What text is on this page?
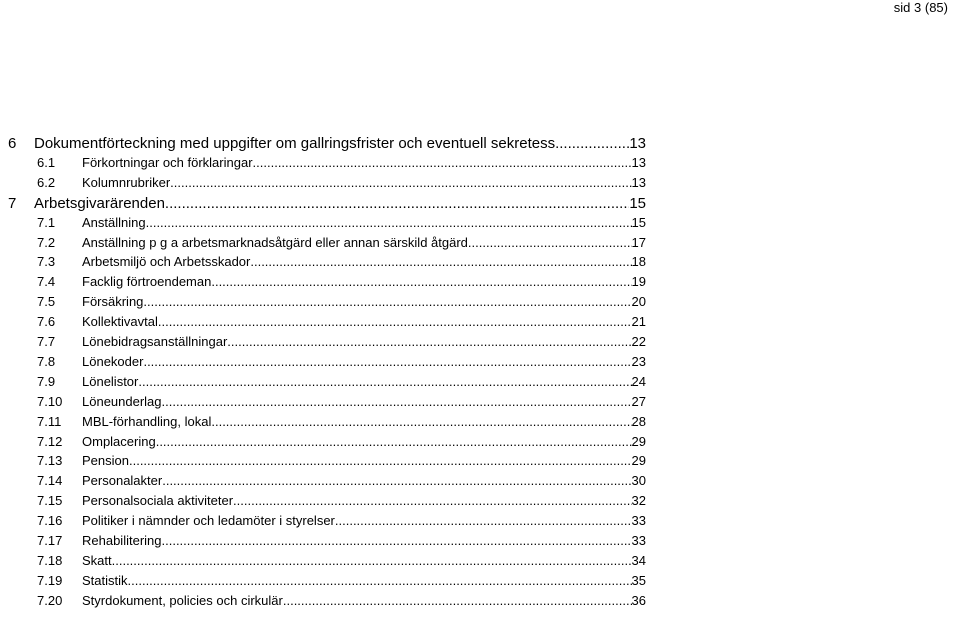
sid 3 (85)
6 Dokumentförteckning med uppgifter om gallringsfrister och eventuell sekretess .....	13
6.1 Förkortningar och förklaringar .....	13
6.2 Kolumnrubriker .....	13
7 Arbetsgivarärenden .....	15
7.1 Anställning .....	15
7.2 Anställning p g a arbetsmarknadsåtgärd eller annan särskild åtgärd .....	17
7.3 Arbetsmiljö och Arbetsskador .....	18
7.4 Facklig förtroendeman .....	19
7.5 Försäkring .....	20
7.6 Kollektivavtal .....	21
7.7 Lönebidragsanställningar .....	22
7.8 Lönekoder .....	23
7.9 Lönelistor .....	24
7.10 Löneunderlag .....	27
7.11 MBL-förhandling, lokal .....	28
7.12 Omplacering .....	29
7.13 Pension .....	29
7.14 Personalakter .....	30
7.15 Personalsociala aktiviteter .....	32
7.16 Politiker i nämnder och ledamöter i styrelser .....	33
7.17 Rehabilitering .....	33
7.18 Skatt .....	34
7.19 Statistik .....	35
7.20 Styrdokument, policies och cirkulär .....	36
